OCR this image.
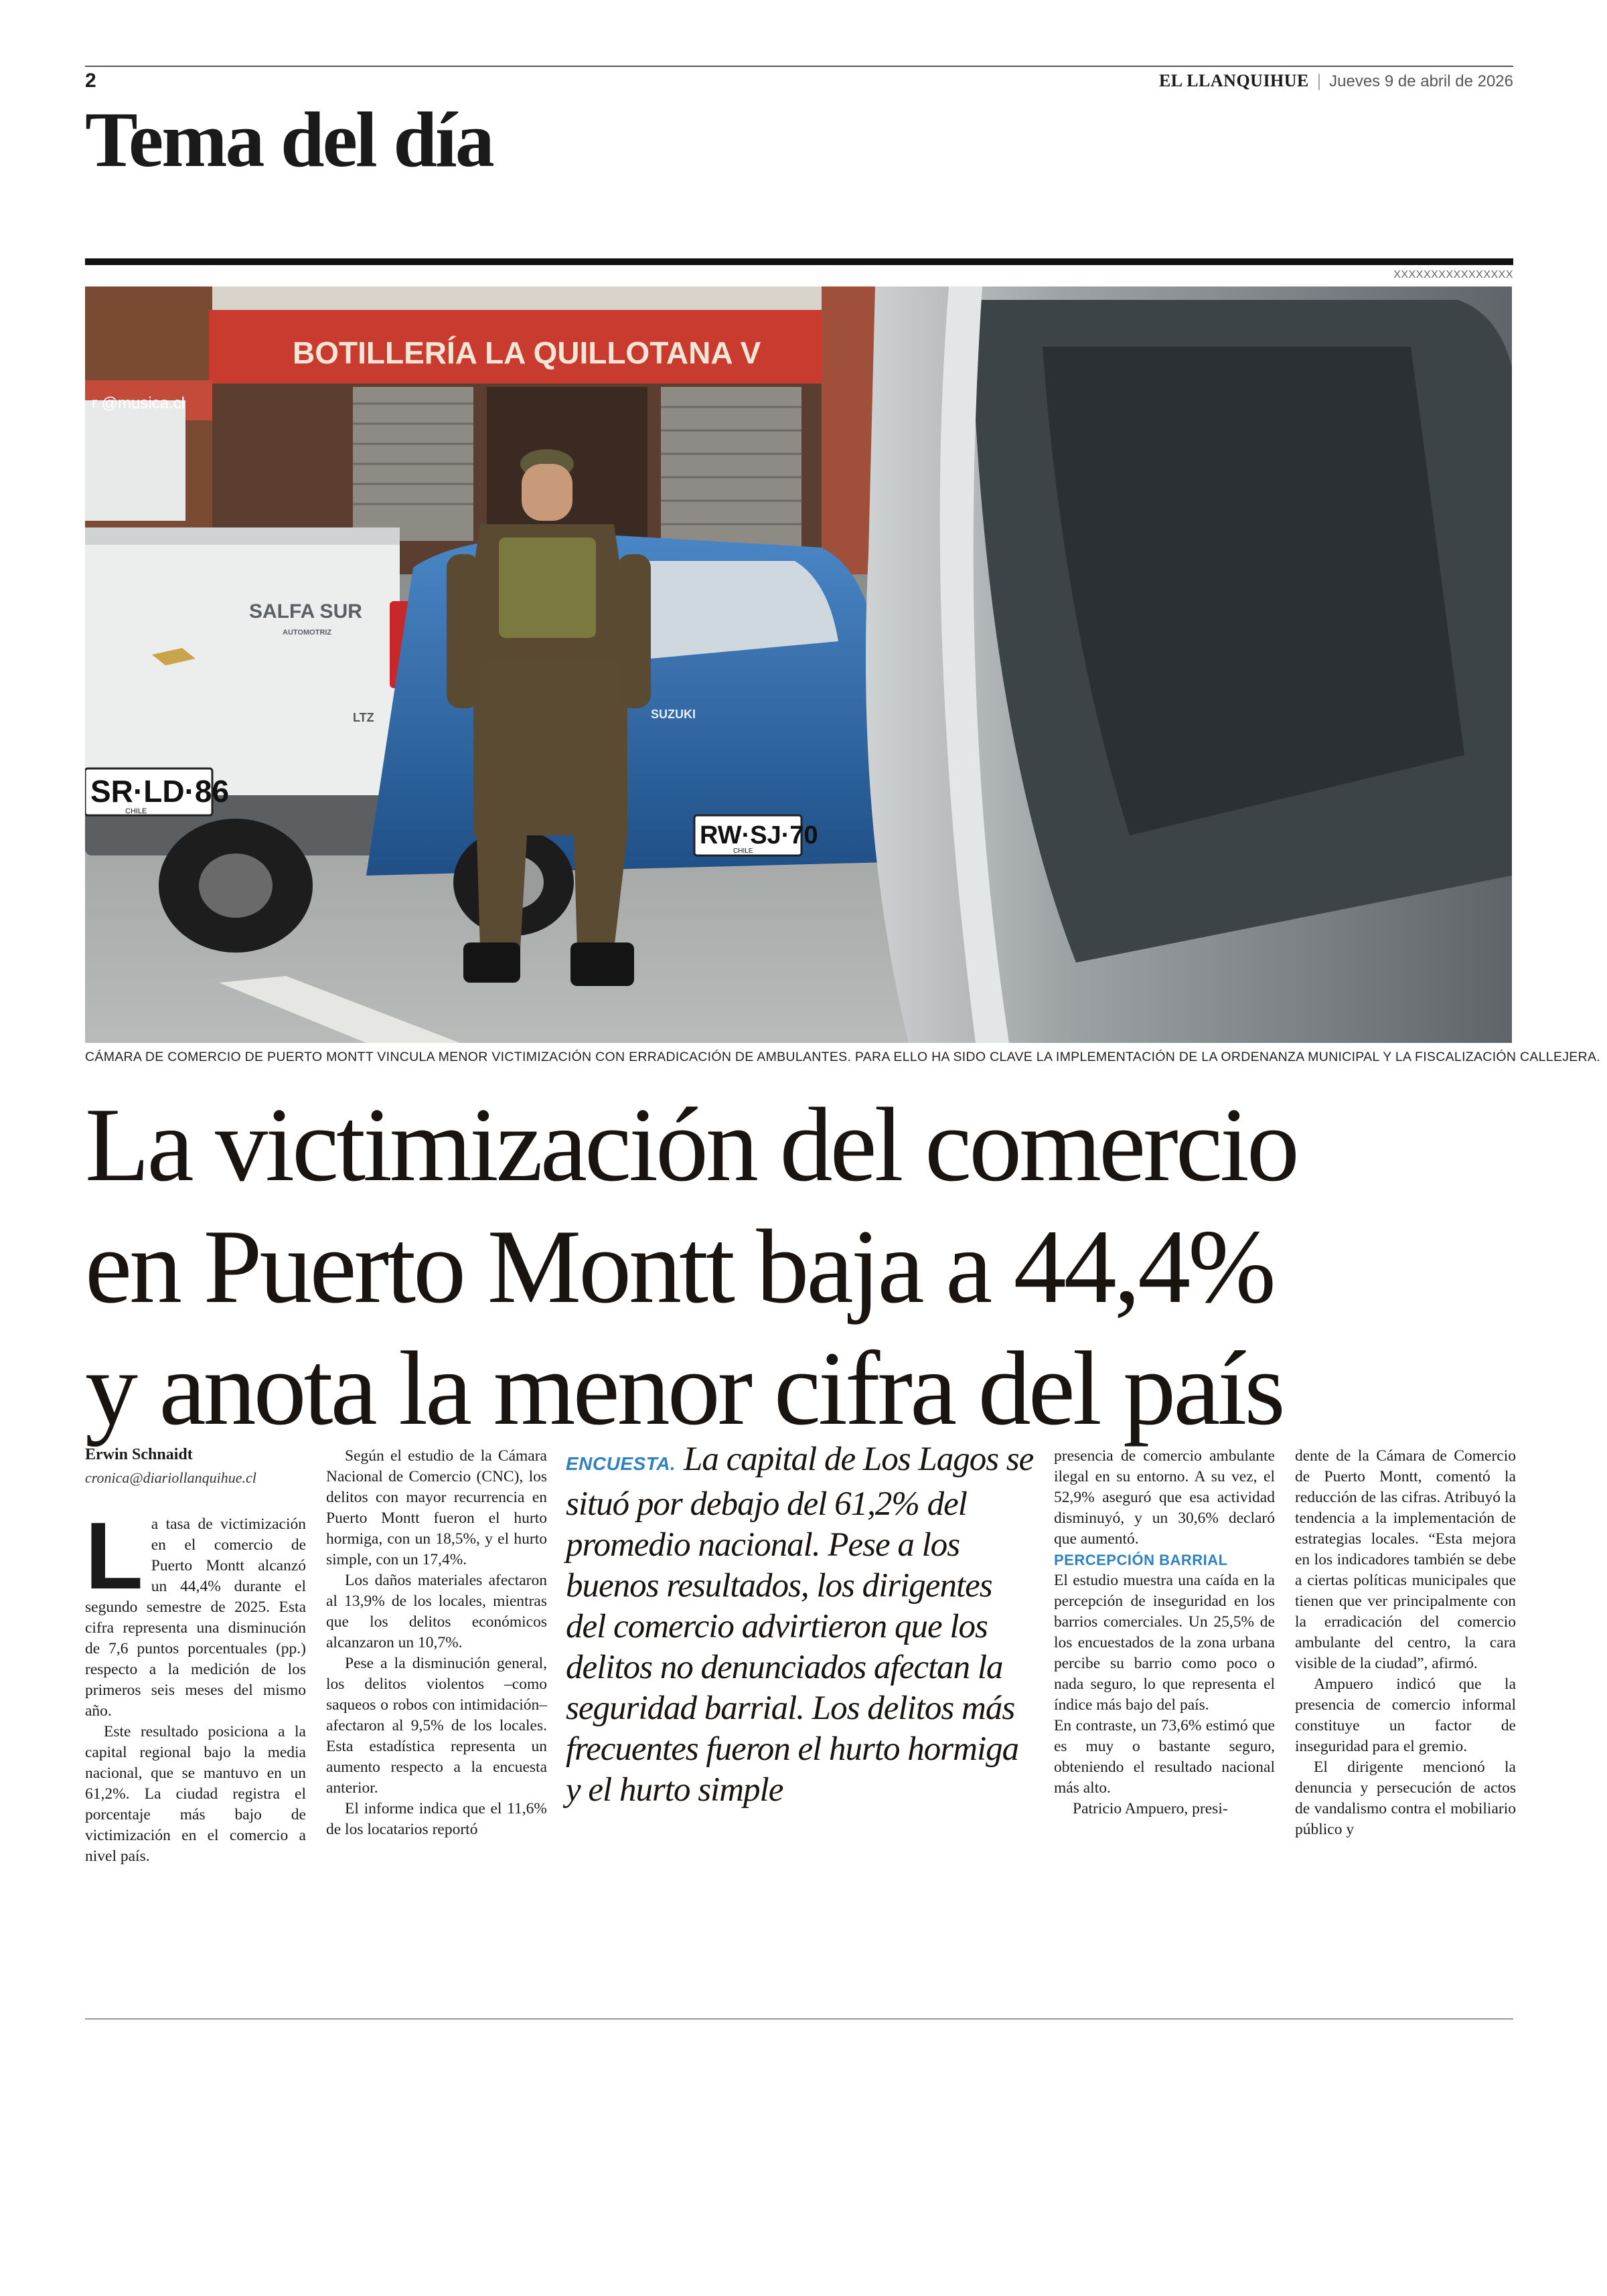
2	EL LLANQUIHUE | Jueves 9 de abril de 2026
Tema del día
XXXXXXXXXXXXXXXX
BOTILLERÍA LA QUILLOTANA V
r @musica.cl
SALFA SUR
AUTOMOTRIZ
LTZ	SUZUKI
SR·LD·86
CHILE
RW·SJ·70
CHILE
CÁMARA DE COMERCIO DE PUERTO MONTT VINCULA MENOR VICTIMIZACIÓN CON ERRADICACIÓN DE AMBULANTES. PARA ELLO HA SIDO CLAVE LA IMPLEMENTACIÓN DE LA ORDENANZA MUNICIPAL Y LA FISCALIZACIÓN CALLEJERA.
La victimización del comercio
en Puerto Montt baja a 44,4%
y anota la menor cifra del país
Erwin Schnaidt
cronica@diariollanquihue.cl

L a tasa de victimización en el comercio de Puerto Montt alcanzó un 44,4% durante el segundo semestre de 2025. Esta cifra representa una disminución de 7,6 puntos porcentuales (pp.) respecto a la medición de los primeros seis meses del mismo año.

Este resultado posiciona a la capital regional bajo la media nacional, que se mantuvo en un 61,2%. La ciudad registra el porcentaje más bajo de victimización en el comercio a nivel país.

Según el estudio de la Cámara Nacional de Comercio (CNC), los delitos con mayor recurrencia en Puerto Montt fueron el hurto hormiga, con un 18,5%, y el hurto simple, con un 17,4%.

Los daños materiales afectaron al 13,9% de los locales, mientras que los delitos económicos alcanzaron un 10,7%.

Pese a la disminución general, los delitos violentos –como saqueos o robos con intimidación– afectaron al 9,5% de los locales. Esta estadística representa un aumento respecto a la encuesta anterior.

El informe indica que el 11,6% de los locatarios reportó

ENCUESTA. La capital de Los Lagos se situó por debajo del 61,2% del promedio nacional. Pese a los buenos resultados, los dirigentes del comercio advirtieron que los delitos no denunciados afectan la seguridad barrial. Los delitos más frecuentes fueron el hurto hormiga y el hurto simple

presencia de comercio ambulante ilegal en su entorno. A su vez, el 52,9% aseguró que esa actividad disminuyó, y un 30,6% declaró que aumentó.

PERCEPCIÓN BARRIAL

El estudio muestra una caída en la percepción de inseguridad en los barrios comerciales. Un 25,5% de los encuestados de la zona urbana percibe su barrio como poco o nada seguro, lo que representa el índice más bajo del país.

En contraste, un 73,6% estimó que es muy o bastante seguro, obteniendo el resultado nacional más alto.

Patricio Ampuero, presi-

dente de la Cámara de Comercio de Puerto Montt, comentó la reducción de las cifras. Atribuyó la tendencia a la implementación de estrategias locales. “Esta mejora en los indicadores también se debe a ciertas políticas municipales que tienen que ver principalmente con la erradicación del comercio ambulante del centro, la cara visible de la ciudad”, afirmó.

Ampuero indicó que la presencia de comercio informal constituye un factor de inseguridad para el gremio.

El dirigente mencionó la denuncia y persecución de actos de vandalismo contra el mobiliario público y
